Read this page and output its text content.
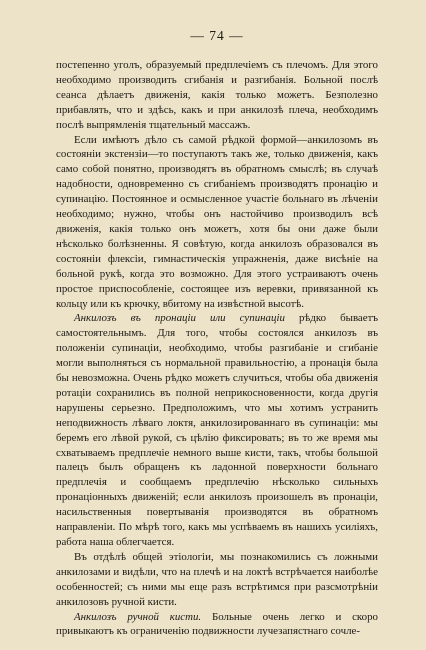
— 74 —

постепенно уголъ, образуемый предплечіемъ съ плечомъ. Для этого необходимо производить сгибанія и разгибанія. Больной послѣ сеанса дѣлаетъ движенія, какія только можетъ. Безполезно прибавлять, что и здѣсь, какъ и при анкилозѣ плеча, необходимъ послѣ выпрямленія тщательный массажъ.

Если имѣютъ дѣло съ самой рѣдкой формой—анкилозомъ въ состояніи экстензіи—то поступаютъ такъ же, только движенія, какъ само собой понятно, производятъ въ обратномъ смыслѣ; въ случаѣ надобности, одновременно съ сгибаніемъ производятъ пронацію и супинацію. Постоянное и осмысленное участіе больнаго въ лѣченіи необходимо; нужно, чтобы онъ настойчиво производилъ всѣ движенія, какія только онъ можетъ, хотя бы они даже были нѣсколько болѣзненны. Я совѣтую, когда анкилозъ образовался въ состояніи флексіи, гимнастическія упражненія, даже висѣніе на больной рукѣ, когда это возможно. Для этого устраиваютъ очень простое приспособленіе, состоящее изъ веревки, привязанной къ кольцу или къ крючку, вбитому на извѣстной высотѣ.

Анкилозъ въ пронаціи или супинаціи рѣдко бываетъ самостоятельнымъ. Для того, чтобы состоялся анкилозъ въ положеніи супинаціи, необходимо, чтобы разгибаніе и сгибаніе могли выполняться съ нормальной правильностію, а пронація была бы невозможна. Очень рѣдко можетъ случиться, чтобы оба движенія ротаціи сохранились въ полной неприкосновенности, когда другія нарушены серьезно. Предположимъ, что мы хотимъ устранить неподвижность лѣваго локтя, анкилозированнаго въ супинаціи: мы беремъ его лѣвой рукой, съ цѣлію фиксировать; въ то же время мы схватываемъ предплечіе немного выше кисти, такъ, чтобы большой палецъ былъ обращенъ къ ладонной поверхности больнаго предплечія и сообщаемъ предплечію нѣсколько сильныхъ пронаціонныхъ движеній; если анкилозъ произошелъ въ пронаціи, насильственныя повертыванія производятся въ обратномъ направленіи. По мѣрѣ того, какъ мы успѣваемъ въ нашихъ усиліяхъ, работа наша облегчается.

Въ отдѣлѣ общей этіологіи, мы познакомились съ ложными анкилозами и видѣли, что на плечѣ и на локтѣ встрѣчается наиболѣе особенностей; съ ними мы еще разъ встрѣтимся при разсмотрѣніи анкилозовъ ручной кисти.

Анкилозъ ручной кисти. Больные очень легко и скоро привыкаютъ къ ограниченію подвижности лучезапястнаго сочле-
